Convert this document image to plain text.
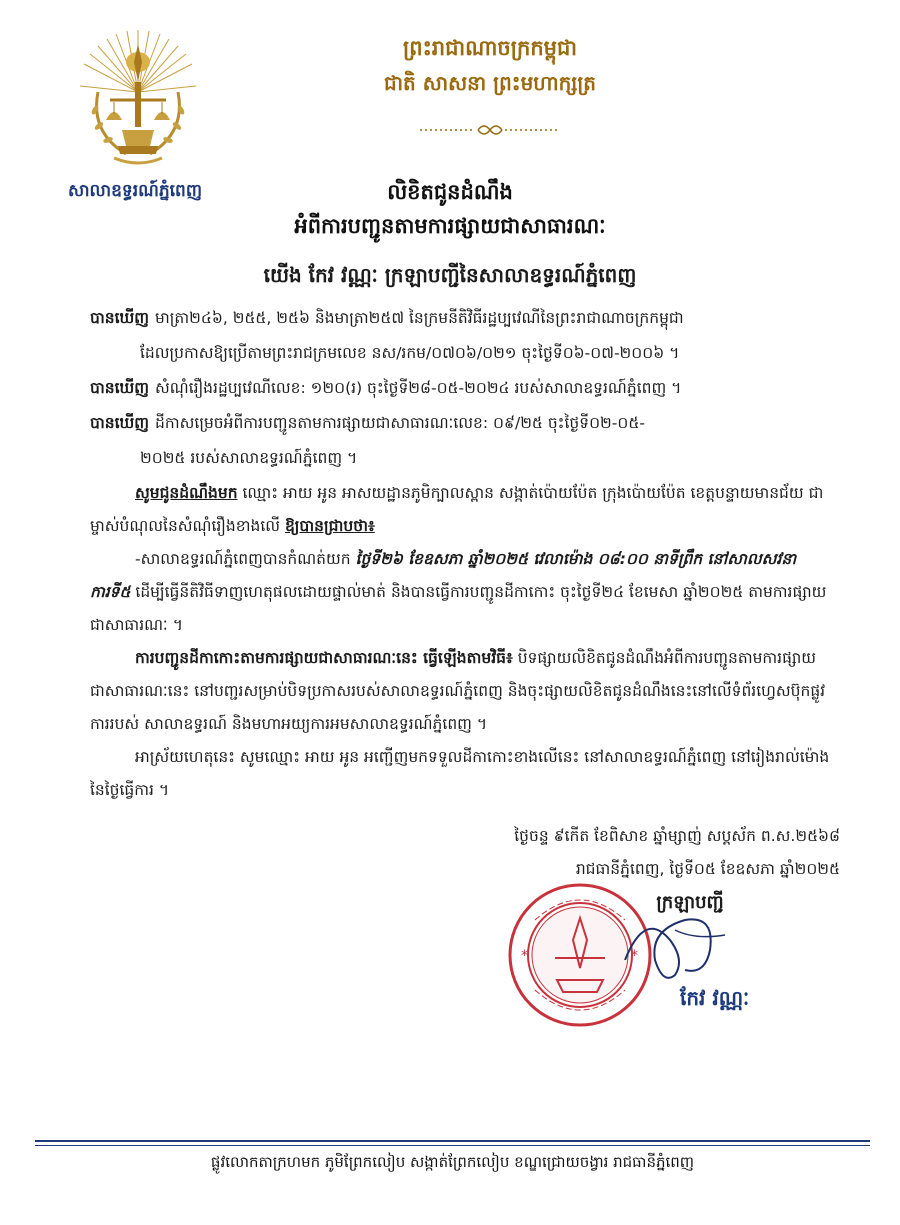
សាលាឧទ្ធរណ៍ភ្នំពេញ
ព្រះរាជាណាចក្រកម្ពុជា
ជាតិ សាសនា ព្រះមហាក្សត្រ
លិខិតជូនដំណឹង
អំពីការបញ្ជូនតាមការផ្សាយជាសាធារណៈ
យើង កែវ វណ្ណៈ ក្រឡាបញ្ជីនៃសាលាឧទ្ធរណ៍ភ្នំពេញ
បានឃើញ មាត្រា២៤៦, ២៥៥, ២៥៦ និងមាត្រា២៥៧ នៃក្រមនីតិវិធីរដ្ឋប្បវេណីនៃព្រះរាជាណាចក្រកម្ពុជា
ដែលប្រកាសឱ្យប្រើតាមព្រះរាជក្រមលេខ នស/រកម/០៧០៦/០២១ ចុះថ្ងៃទី០៦-០៧-២០០៦ ។
បានឃើញ សំណុំរឿងរដ្ឋប្បវេណីលេខ: ១២០(រ) ចុះថ្ងៃទី២៨-០៥-២០២៤ របស់សាលាឧទ្ធរណ៍ភ្នំពេញ ។
បានឃើញ ដីកាសម្រេចអំពីការបញ្ជូនតាមការផ្សាយជាសាធារណៈលេខ: ០៩/២៥ ចុះថ្ងៃទី០២-០៥-
២០២៥ របស់សាលាឧទ្ធរណ៍ភ្នំពេញ ។

សូមជូនដំណឹងមក ឈ្មោះ អាយ អូន អាសយដ្ឋានភូមិក្បាលស្ពាន សង្កាត់ប៉ោយប៉ែត ក្រុងប៉ោយប៉ែត ខេត្តបន្ទាយមានជ័យ ជាម្ចាស់បំណុលនៃសំណុំរឿងខាងលើ ឱ្យបានជ្រាបថា៖

-សាលាឧទ្ធរណ៍ភ្នំពេញបានកំណត់យក ថ្ងៃទី២៦ ខែឧសភា ឆ្នាំ២០២៥ វេលាម៉ោង ០៨:០០ នាទីព្រឹក នៅសាលសវនាការទី៥ ដើម្បីធ្វើនីតិវិធីទាញហេតុផលដោយផ្ទាល់មាត់ និងបានធ្វើការបញ្ជូនដីកាកោះ ចុះថ្ងៃទី២៤ ខែមេសា ឆ្នាំ២០២៥ តាមការផ្សាយជាសាធារណៈ ។

ការបញ្ជូនដីកាកោះតាមការផ្សាយជាសាធារណៈនេះ ធ្វើឡើងតាមវិធី៖ បិទផ្សាយលិខិតជូនដំណឹងអំពីការបញ្ជូនតាមការផ្សាយជាសាធារណៈនេះ នៅបញ្ជរសម្រាប់បិទប្រកាសរបស់សាលាឧទ្ធរណ៍ភ្នំពេញ និងចុះផ្សាយលិខិតជូនដំណឹងនេះនៅលើទំព័រហ្វេសប៊ុកផ្លូវការរបស់ សាលាឧទ្ធរណ៍ និងមហាអយ្យការអមសាលាឧទ្ធរណ៍ភ្នំពេញ ។

អាស្រ័យហេតុនេះ សូមឈ្មោះ អាយ អូន អញ្ជើញមកទទួលដីកាកោះខាងលើនេះ នៅសាលាឧទ្ធរណ៍ភ្នំពេញ នៅរៀងរាល់ម៉ោងនៃថ្ងៃធ្វើការ ។

ថ្ងៃចន្ទ ៩កើត ខែពិសាខ ឆ្នាំម្សាញ់ សប្តស័ក ព.ស.២៥៦៨
រាជធានីភ្នំពេញ, ថ្ងៃទី០៥ ខែឧសភា ឆ្នាំ២០២៥
*	*
ក្រឡាបញ្ជី
កែវ វណ្ណៈ
ផ្លូវលោកតាក្រហមក ភូមិព្រែកលៀប សង្កាត់ព្រែកលៀប ខណ្ឌជ្រោយចង្វារ រាជធានីភ្នំពេញ
